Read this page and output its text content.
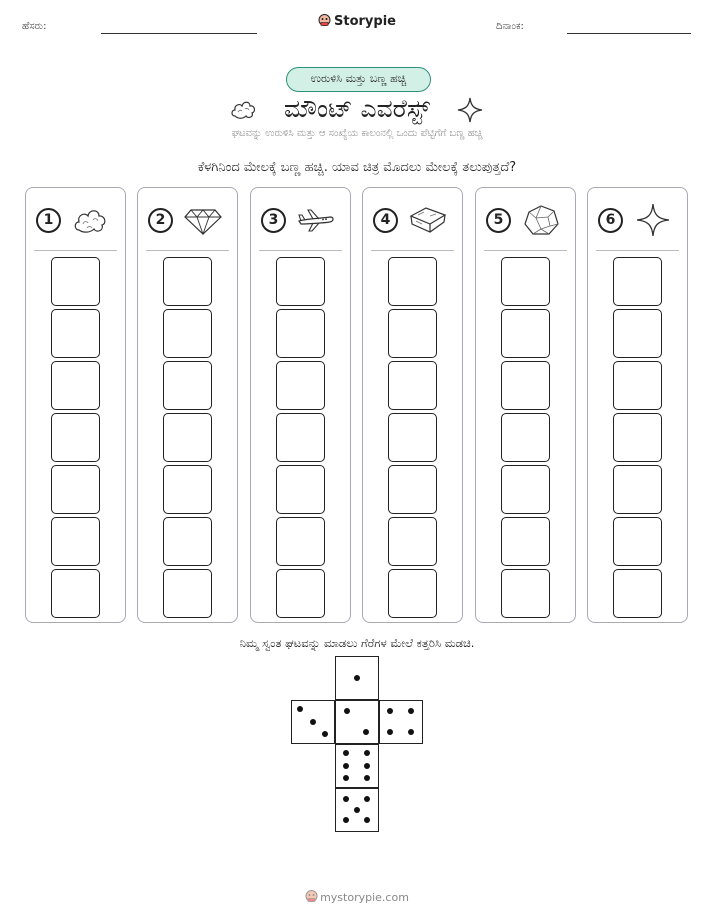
ಹೆಸರು:	Storypie	ದಿನಾಂಕ:
ಉರುಳಿಸಿ ಮತ್ತು ಬಣ್ಣ ಹಚ್ಚಿ
ಮೌಂಟ್ ಎವರೆಸ್ಟ್
ಘಟವನ್ನು ಉರುಳಿಸಿ ಮತ್ತು ಆ ಸಂಖ್ಯೆಯ ಕಾಲಂನಲ್ಲಿ ಒಂದು ಪೆಟ್ಟಿಗೆಗೆ ಬಣ್ಣ ಹಚ್ಚಿ
ಕೆಳಗಿನಿಂದ ಮೇಲಕ್ಕೆ ಬಣ್ಣ ಹಚ್ಚಿ. ಯಾವ ಚಿತ್ರ ಮೊದಲು ಮೇಲಕ್ಕೆ ತಲುಪುತ್ತದೆ?
1	2	3	4	5	6
ನಿಮ್ಮ ಸ್ವಂತ ಘಟವನ್ನು ಮಾಡಲು ಗೆರೆಗಳ ಮೇಲೆ ಕತ್ತರಿಸಿ ಮಡಚಿ.
mystorypie.com
